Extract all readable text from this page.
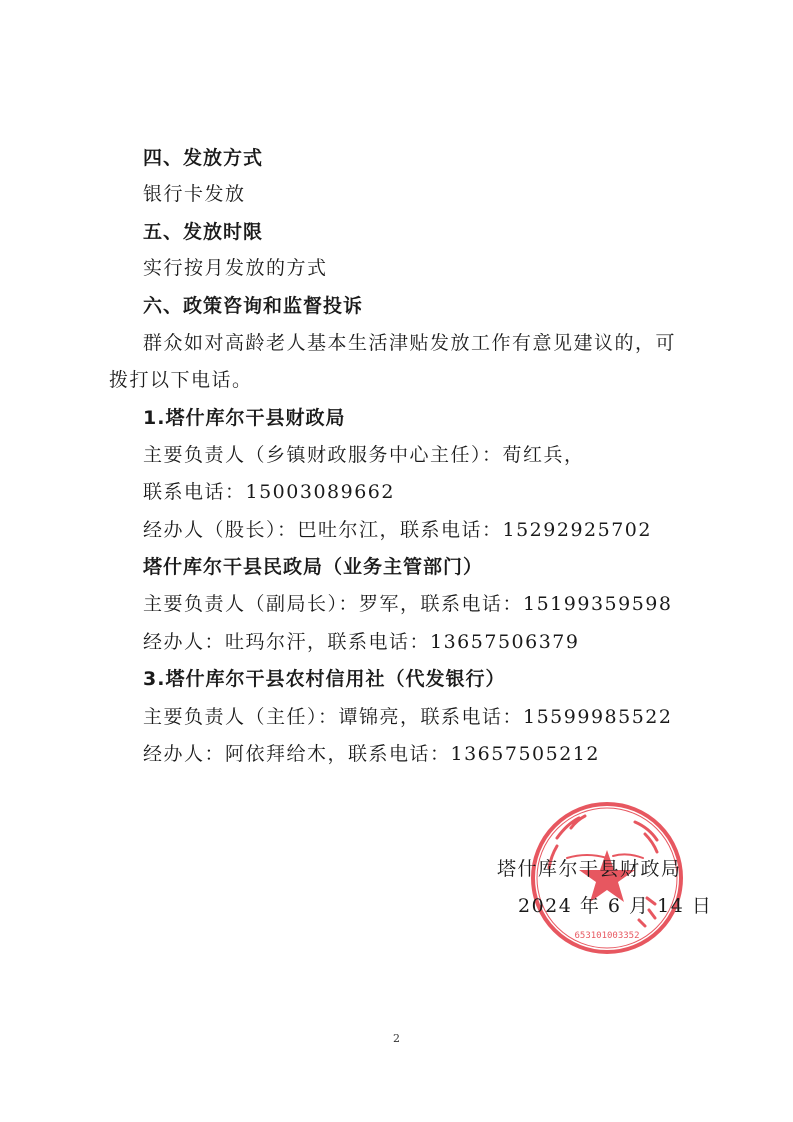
四、发放方式
银行卡发放
五、发放时限
实行按月发放的方式
六、政策咨询和监督投诉
群众如对高龄老人基本生活津贴发放工作有意见建议的，可
拨打以下电话。
1.塔什库尔干县财政局
主要负责人（乡镇财政服务中心主任）：荀红兵，
联系电话：15003089662
经办人（股长）：巴吐尔江，联系电话：15292925702
塔什库尔干县民政局（业务主管部门）
主要负责人（副局长）：罗军，联系电话：15199359598
经办人：吐玛尔汗，联系电话：13657506379
3.塔什库尔干县农村信用社（代发银行）
主要负责人（主任）：谭锦亮，联系电话：15599985522
经办人：阿依拜给木，联系电话：13657505212
653101003352
塔什库尔干县财政局
2024 年 6 月 14 日
2
